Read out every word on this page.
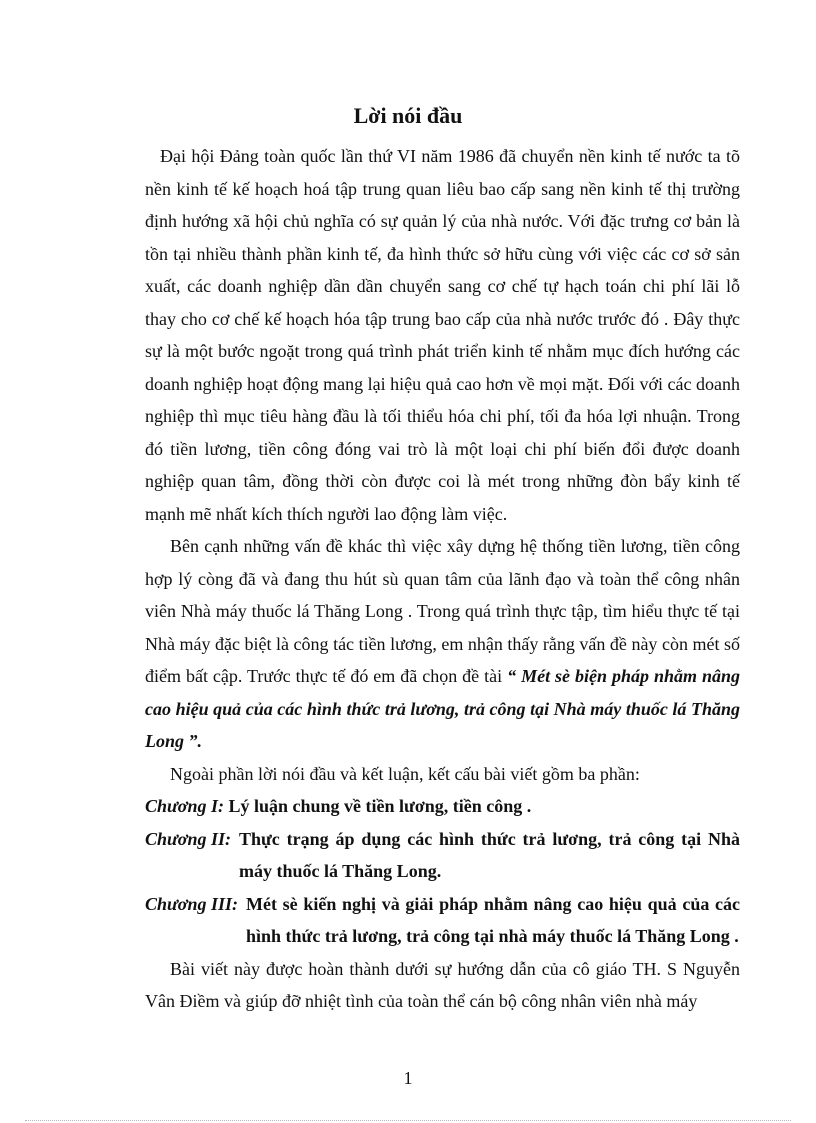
Lời nói đầu

Đại hội Đảng toàn quốc lần thứ VI năm 1986 đã chuyển nền kinh tế nước ta tõ nền kinh tế kế hoạch hoá tập trung quan liêu bao cấp sang nền kinh tế thị trường định hướng xã hội chủ nghĩa có sự quản lý của nhà nước. Với đặc trưng cơ bản là tồn tại nhiều thành phần kinh tế, đa hình thức sở hữu cùng với việc các cơ sở sản xuất, các doanh nghiệp dần dần chuyển sang cơ chế tự hạch toán chi phí lãi lỗ thay cho cơ chế kế hoạch hóa tập trung bao cấp của nhà nước trước đó . Đây thực sự là một bước ngoặt trong quá trình phát triển kinh tế nhằm mục đích hướng các doanh nghiệp hoạt động mang lại hiệu quả cao hơn về mọi mặt. Đối với các doanh nghiệp thì mục tiêu hàng đầu là tối thiểu hóa chi phí, tối đa hóa lợi nhuận. Trong đó tiền lương, tiền công đóng vai trò là một loại chi phí biến đổi được doanh nghiệp quan tâm, đồng thời còn được coi là mét trong những đòn bẩy kinh tế mạnh mẽ nhất kích thích người lao động làm việc.

Bên cạnh những vấn đề khác thì việc xây dựng hệ thống tiền lương, tiền công hợp lý còng đã và đang thu hút sù quan tâm của lãnh đạo và toàn thể công nhân viên Nhà máy thuốc lá Thăng Long . Trong quá trình thực tập, tìm hiểu thực tế tại Nhà máy đặc biệt là công tác tiền lương, em nhận thấy rằng vấn đề này còn mét số điểm bất cập. Trước thực tế đó em đã chọn đề tài “ Mét sè biện pháp nhằm nâng cao hiệu quả của các hình thức trả lương, trả công tại Nhà máy thuốc lá Thăng Long ”.

Ngoài phần lời nói đầu và kết luận, kết cấu bài viết gồm ba phần:

Chương I: Lý luận chung về tiền lương, tiền công .
Chương II: Thực trạng áp dụng các hình thức trả lương, trả công tại Nhà máy thuốc lá Thăng Long.
Chương III: Mét sè kiến nghị và giải pháp nhằm nâng cao hiệu quả của các hình thức trả lương, trả công tại nhà máy thuốc lá Thăng Long .

Bài viết này được hoàn thành dưới sự hướng dẫn của cô giáo TH. S Nguyễn Vân Điềm và giúp đỡ nhiệt tình của toàn thể cán bộ công nhân viên nhà máy

1
